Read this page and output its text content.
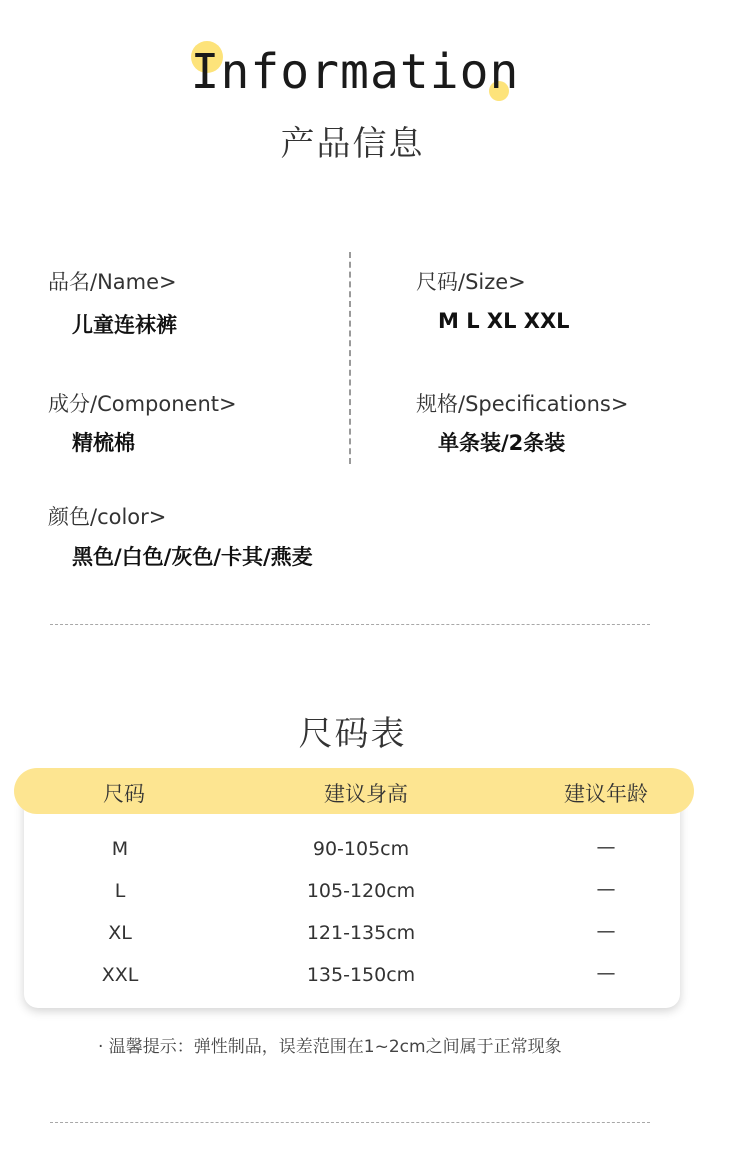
Information
产品信息
品名/Name>
儿童连袜裤
尺码/Size>
M L XL XXL
成分/Component>
精梳棉
规格/Specifications>
单条装/2条装
颜色/color>
黑色/白色/灰色/卡其/燕麦
尺码表
尺码	建议身高	建议年龄
M	90-105cm	—
L	105-120cm	—
XL	121-135cm	—
XXL	135-150cm	—
· 温馨提示：弹性制品，误差范围在1~2cm之间属于正常现象
